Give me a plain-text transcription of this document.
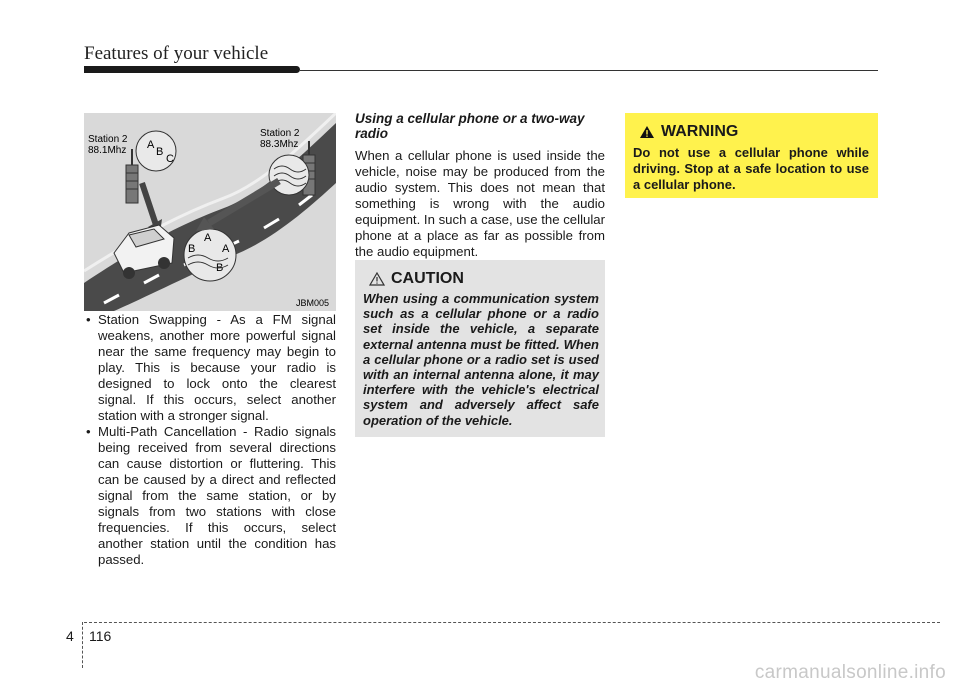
Features of your vehicle
A
B
C
A
B A
B
Station 2
88.1Mhz
Station 2
88.3Mhz
JBM005
• Station Swapping - As a FM signal weakens, another more powerful signal near the same frequency may begin to play. This is because your radio is designed to lock onto the clearest signal. If this occurs, select another station with a stronger signal.
• Multi-Path Cancellation - Radio signals being received from several directions can cause distortion or fluttering. This can be caused by a direct and reflected signal from the same station, or by signals from two stations with close frequencies. If this occurs, select another station until the condition has passed.

Using a cellular phone or a two-way radio

When a cellular phone is used inside the vehicle, noise may be produced from the audio system. This does not mean that something is wrong with the audio equipment. In such a case, use the cellular phone at a place as far as possible from the audio equipment.

CAUTION
When using a communication system such as a cellular phone or a radio set inside the vehicle, a separate external antenna must be fitted. When a cellular phone or a radio set is used with an internal antenna alone, it may interfere with the vehicle's electrical system and adversely affect safe operation of the vehicle.
WARNING
Do not use a cellular phone while driving. Stop at a safe location to use a cellular phone.
4 116
carmanualsonline.info
